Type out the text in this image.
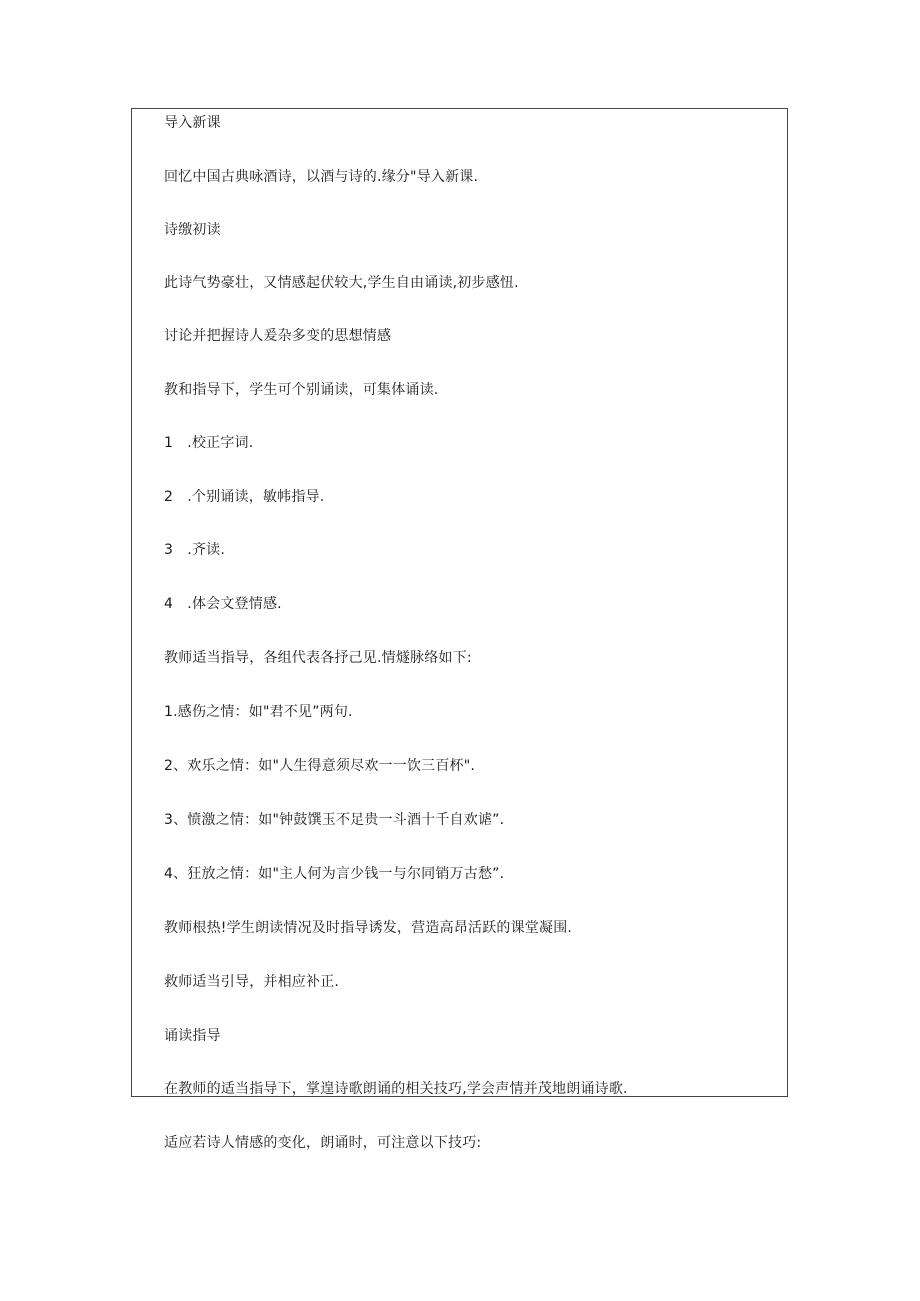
导入新课
回忆中国古典咏酒诗，以酒与诗的.缘分"导入新课.
诗缴初读
此诗气势豪壮，又情感起伏较大,学生自由诵读,初步感忸.
讨论并把握诗人爰杂多变的思想情感
教和指导下，学生可个别诵读，可集体诵读.
1　.校正字词.
2　.个别诵读，敏帏指导.
3　.齐读.
4　.体会文登情感.
教师适当指导，各组代表各抒己见.情燧脉络如下:
1.感伤之情：如"君不见”两句.
2、欢乐之情：如"人生得意须尽欢一一饮三百杯".
3、愤激之情：如"钟鼓馔玉不足贵一斗酒十千自欢谑”.
4、狂放之情：如"主人何为言少钱一与尔同销万古愁”.
教师根热!学生朗读情况及时指导诱发，营造高昂活跃的课堂凝围.
救师适当引导，并相应补正.
诵读指导
在教师的适当指导下，掌遑诗歌朗诵的相关技巧,学会声情并茂地朗诵诗歌.
适应若诗人情感的变化，朗诵时，可注意以下技巧:
